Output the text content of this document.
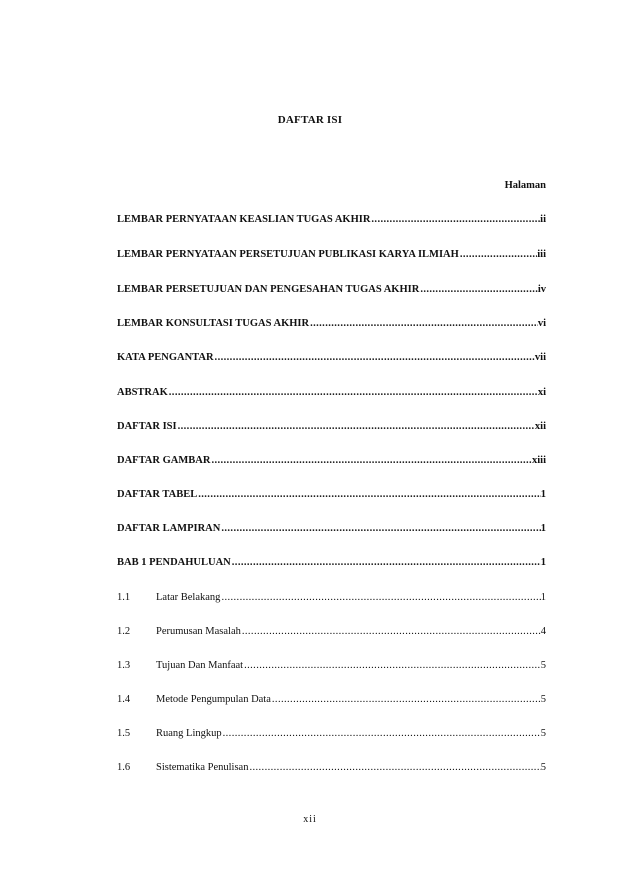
DAFTAR ISI
Halaman
LEMBAR PERNYATAAN KEASLIAN TUGAS AKHIR .....	ii
LEMBAR PERNYATAAN PERSETUJUAN PUBLIKASI KARYA ILMIAH .....	iii
LEMBAR PERSETUJUAN DAN PENGESAHAN TUGAS AKHIR .....	iv
LEMBAR KONSULTASI TUGAS AKHIR .....	vi
KATA PENGANTAR .....	vii
ABSTRAK .....	xi
DAFTAR ISI .....	xii
DAFTAR GAMBAR .....	xiii
DAFTAR TABEL .....	1
DAFTAR LAMPIRAN .....	1
BAB 1 PENDAHULUAN .....	1
1.1	Latar Belakang .....	1
1.2	Perumusan Masalah .....	4
1.3	Tujuan Dan Manfaat .....	5
1.4	Metode Pengumpulan Data .....	5
1.5	Ruang Lingkup .....	5
1.6	Sistematika Penulisan .....	5
xii
